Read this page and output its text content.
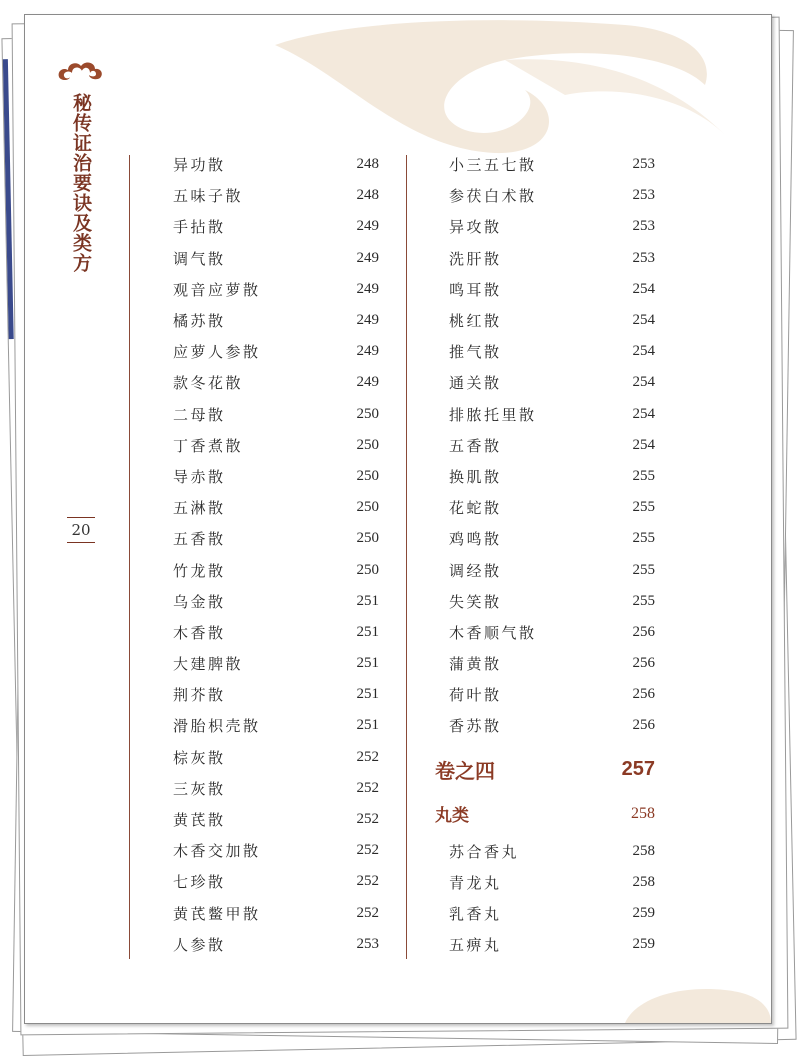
秘传证治要诀及类方
20
异功散	248
五味子散	248
手拈散	249
调气散	249
观音应萝散	249
橘苏散	249
应萝人参散	249
款冬花散	249
二母散	250
丁香煮散	250
导赤散	250
五淋散	250
五香散	250
竹龙散	250
乌金散	251
木香散	251
大建脾散	251
荆芥散	251
滑胎枳壳散	251
棕灰散	252
三灰散	252
黄芪散	252
木香交加散	252
七珍散	252
黄芪鳖甲散	252
人参散	253
小三五七散	253
参茯白术散	253
异攻散	253
洗肝散	253
鸣耳散	254
桃红散	254
推气散	254
通关散	254
排脓托里散	254
五香散	254
换肌散	255
花蛇散	255
鸡鸣散	255
调经散	255
失笑散	255
木香顺气散	256
蒲黄散	256
荷叶散	256
香苏散	256
卷之四	257
丸类	258
苏合香丸	258
青龙丸	258
乳香丸	259
五痹丸	259
